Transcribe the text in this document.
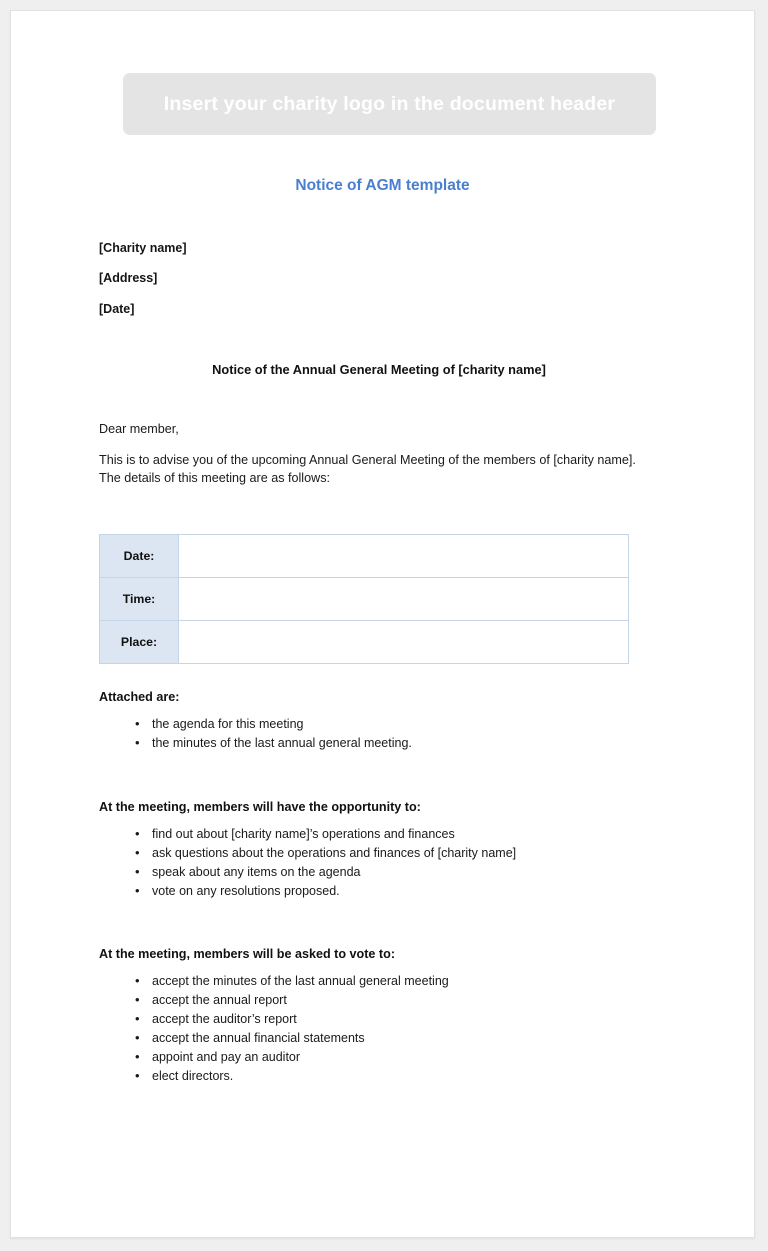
Insert your charity logo in the document header
Notice of AGM template
[Charity name]
[Address]
[Date]
Notice of the Annual General Meeting of [charity name]
Dear member,
This is to advise you of the upcoming Annual General Meeting of the members of [charity name]. The details of this meeting are as follows:
Date:	
Time:	
Place:	

Attached are:

• the agenda for this meeting
• the minutes of the last annual general meeting.

At the meeting, members will have the opportunity to:

• find out about [charity name]’s operations and finances
• ask questions about the operations and finances of [charity name]
• speak about any items on the agenda
• vote on any resolutions proposed.

At the meeting, members will be asked to vote to:

• accept the minutes of the last annual general meeting
• accept the annual report
• accept the auditor’s report
• accept the annual financial statements
• appoint and pay an auditor
• elect directors.
